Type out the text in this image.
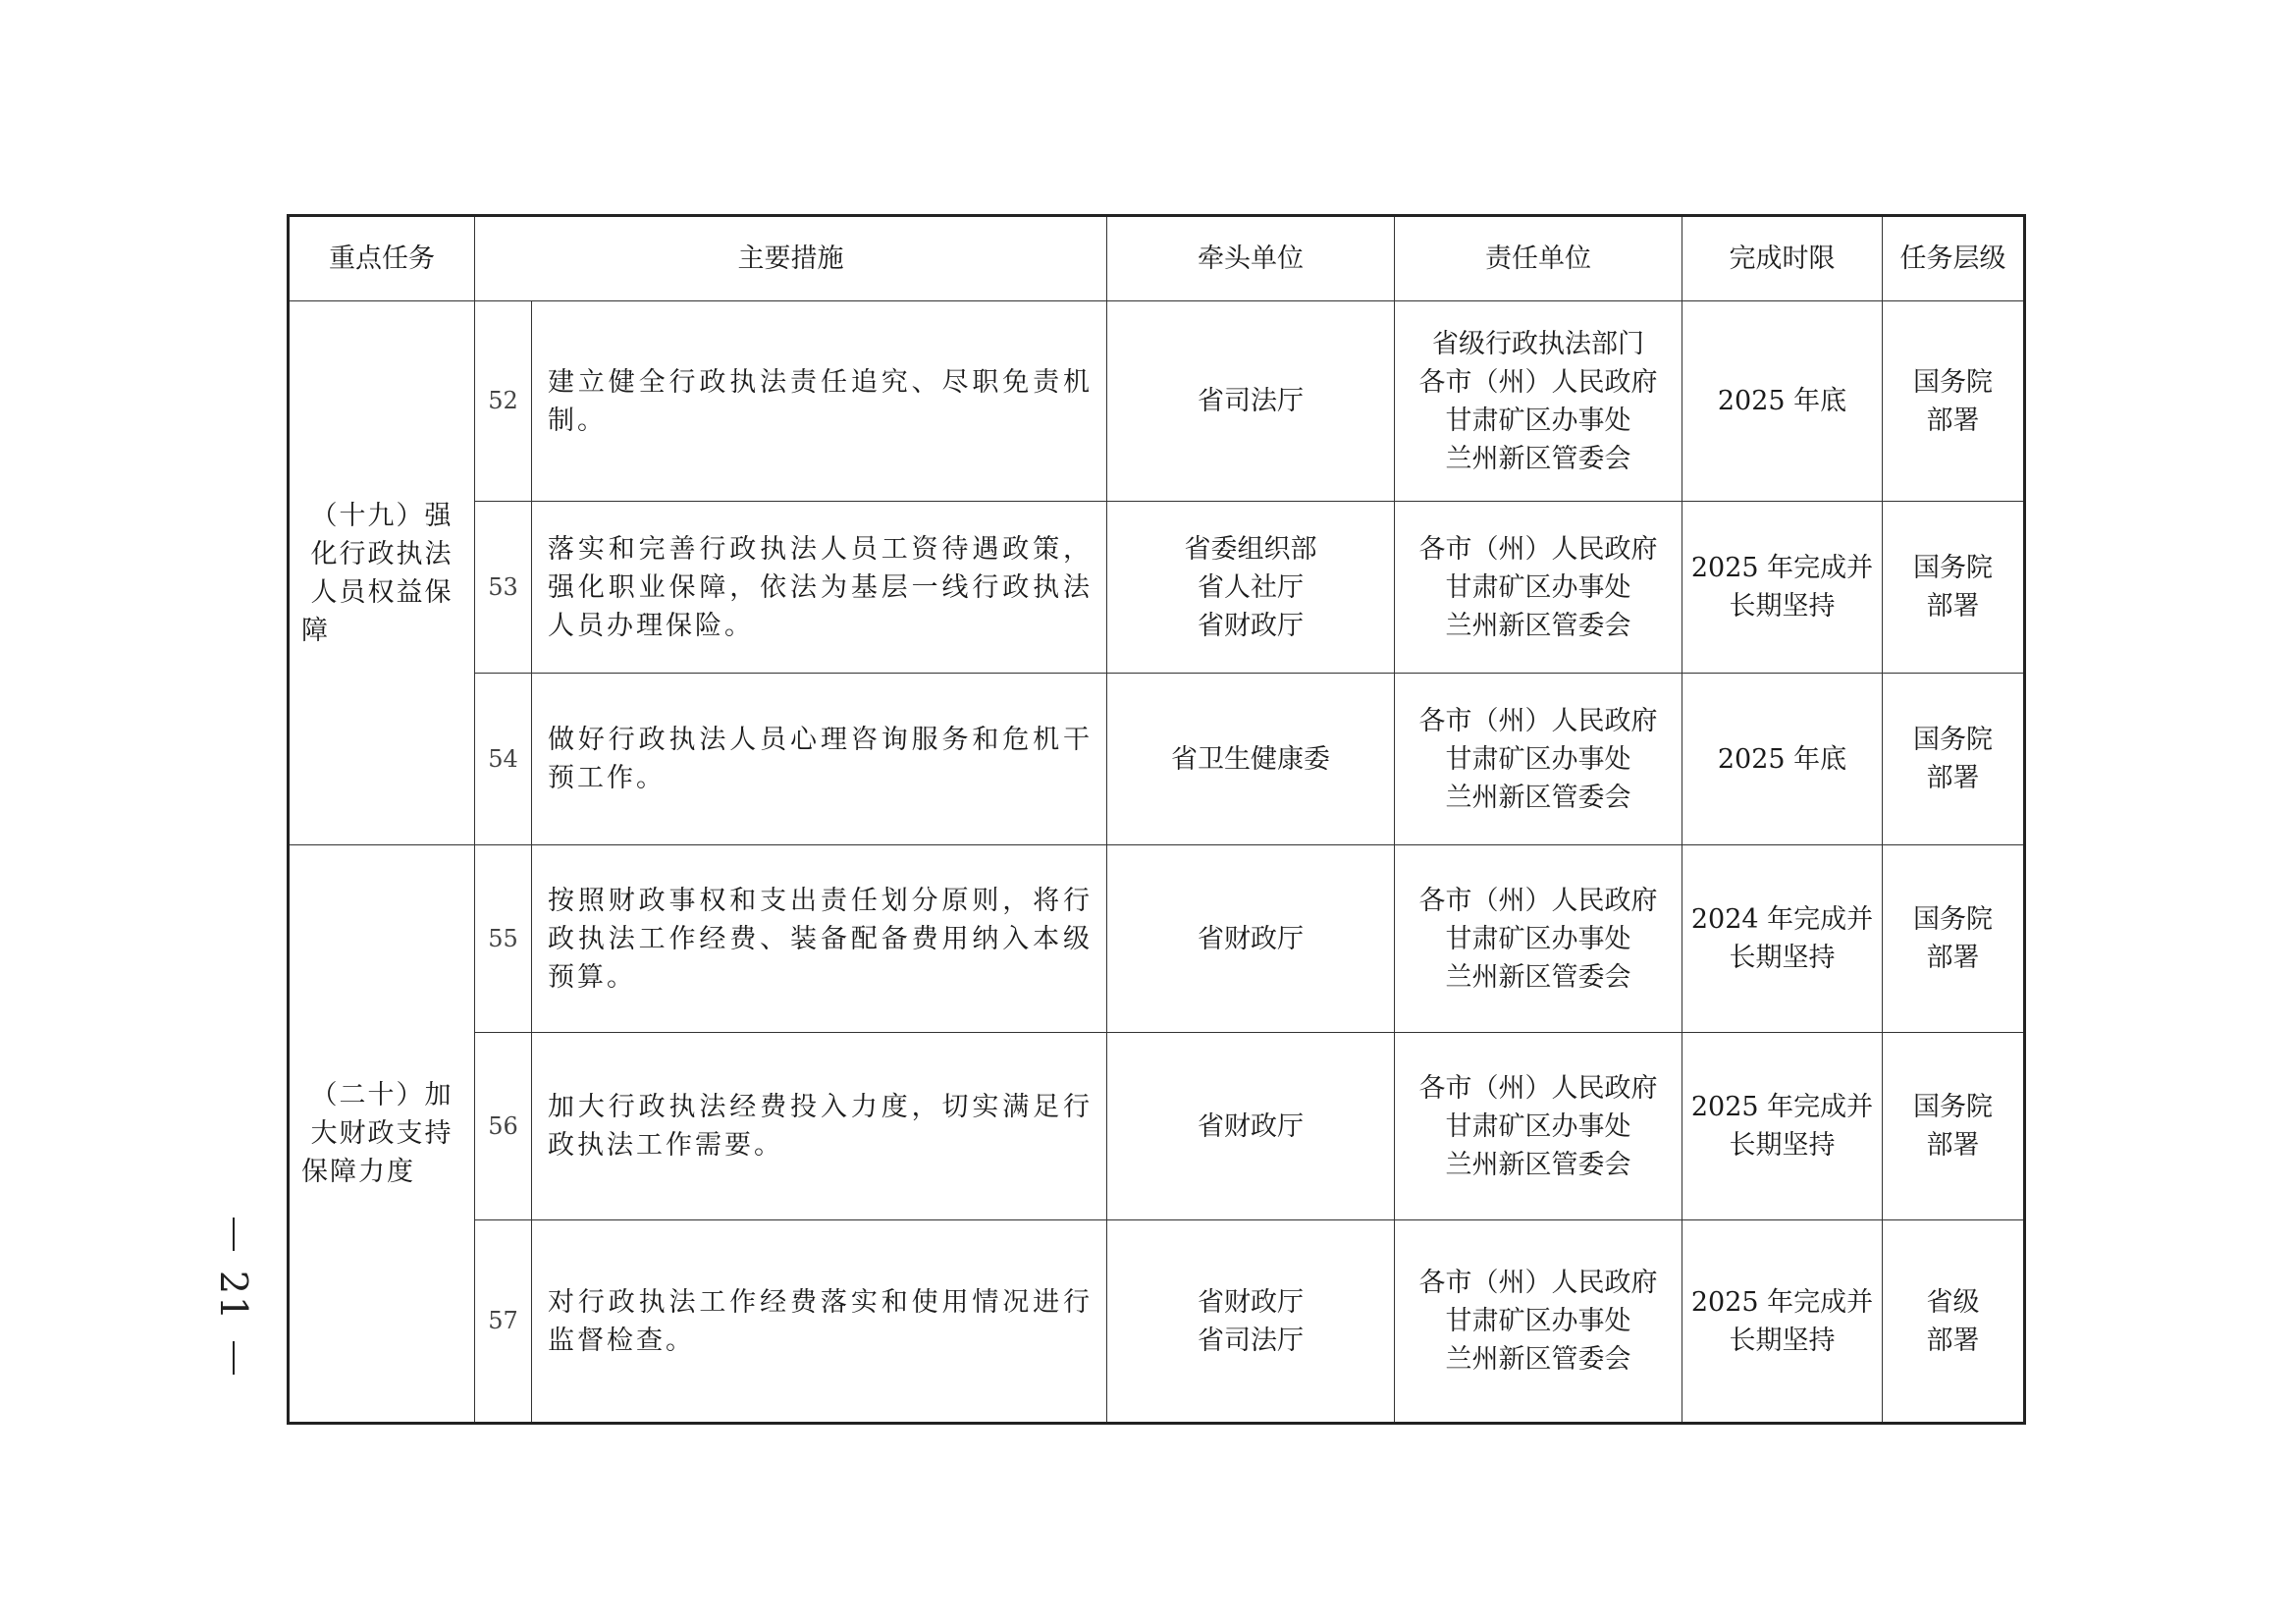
重点任务	主要措施		牵头单位	责任单位	完成时限	任务层级
（十九）强化行政执法人员权益保障	52	建立健全行政执法责任追究、尽职免责机制。	省司法厅	省级行政执法部门
各市（州）人民政府
甘肃矿区办事处
兰州新区管委会	2025 年底	国务院
部署

	53	落实和完善行政执法人员工资待遇政策，强化职业保障，依法为基层一线行政执法人员办理保险。	省委组织部
省人社厅
省财政厅	各市（州）人民政府
甘肃矿区办事处
兰州新区管委会	2025 年完成并
长期坚持	国务院
部署

	54	做好行政执法人员心理咨询服务和危机干预工作。	省卫生健康委	各市（州）人民政府
甘肃矿区办事处
兰州新区管委会	2025 年底	国务院
部署

（二十）加大财政支持保障力度	55	按照财政事权和支出责任划分原则，将行政执法工作经费、装备配备费用纳入本级预算。	省财政厅	各市（州）人民政府
甘肃矿区办事处
兰州新区管委会	2024 年完成并
长期坚持	国务院
部署

	56	加大行政执法经费投入力度，切实满足行政执法工作需要。	省财政厅	各市（州）人民政府
甘肃矿区办事处
兰州新区管委会	2025 年完成并
长期坚持	国务院
部署

	57	对行政执法工作经费落实和使用情况进行监督检查。	省财政厅
省司法厅	各市（州）人民政府
甘肃矿区办事处
兰州新区管委会	2025 年完成并
长期坚持	省级
部署
21
